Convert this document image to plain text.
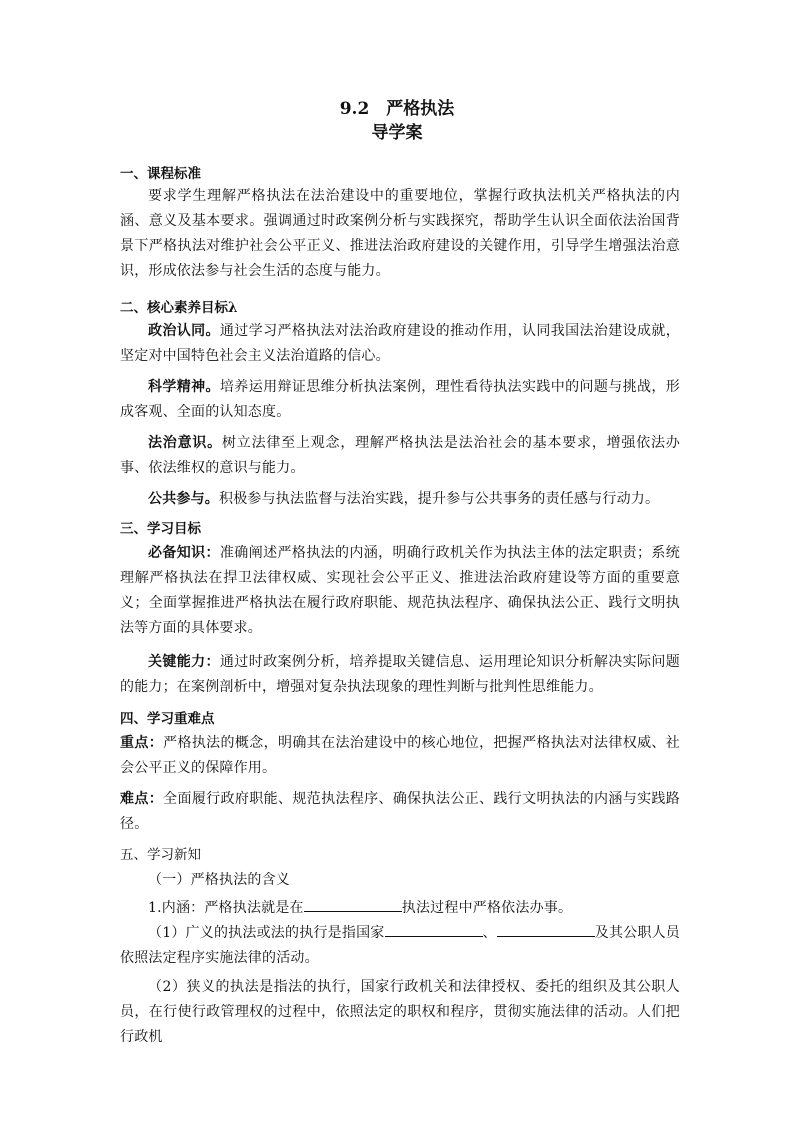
9.2　严格执法
导学案
一、课程标准
要求学生理解严格执法在法治建设中的重要地位，掌握行政执法机关严格执法的内涵、意义及基本要求。强调通过时政案例分析与实践探究，帮助学生认识全面依法治国背景下严格执法对维护社会公平正义、推进法治政府建设的关键作用，引导学生增强法治意识，形成依法参与社会生活的态度与能力。
二、核心素养目标λ
政治认同。通过学习严格执法对法治政府建设的推动作用，认同我国法治建设成就，坚定对中国特色社会主义法治道路的信心。
科学精神。培养运用辩证思维分析执法案例，理性看待执法实践中的问题与挑战，形成客观、全面的认知态度。
法治意识。树立法律至上观念，理解严格执法是法治社会的基本要求，增强依法办事、依法维权的意识与能力。
公共参与。积极参与执法监督与法治实践，提升参与公共事务的责任感与行动力。
三、学习目标
必备知识：准确阐述严格执法的内涵，明确行政机关作为执法主体的法定职责；系统理解严格执法在捍卫法律权威、实现社会公平正义、推进法治政府建设等方面的重要意义；全面掌握推进严格执法在履行政府职能、规范执法程序、确保执法公正、践行文明执法等方面的具体要求。
关键能力：通过时政案例分析，培养提取关键信息、运用理论知识分析解决实际问题的能力；在案例剖析中，增强对复杂执法现象的理性判断与批判性思维能力。
四、学习重难点
重点：严格执法的概念，明确其在法治建设中的核心地位，把握严格执法对法律权威、社会公平正义的保障作用。
难点：全面履行政府职能、规范执法程序、确保执法公正、践行文明执法的内涵与实践路径。
五、学习新知
（一）严格执法的含义
1.内涵：严格执法就是在	执法过程中严格依法办事。
（1）广义的执法或法的执行是指国家	、	及其公职人员依照法定程序实施法律的活动。
（2）狭义的执法是指法的执行，国家行政机关和法律授权、委托的组织及其公职人员，在行使行政管理权的过程中，依照法定的职权和程序，贯彻实施法律的活动。人们把行政机
